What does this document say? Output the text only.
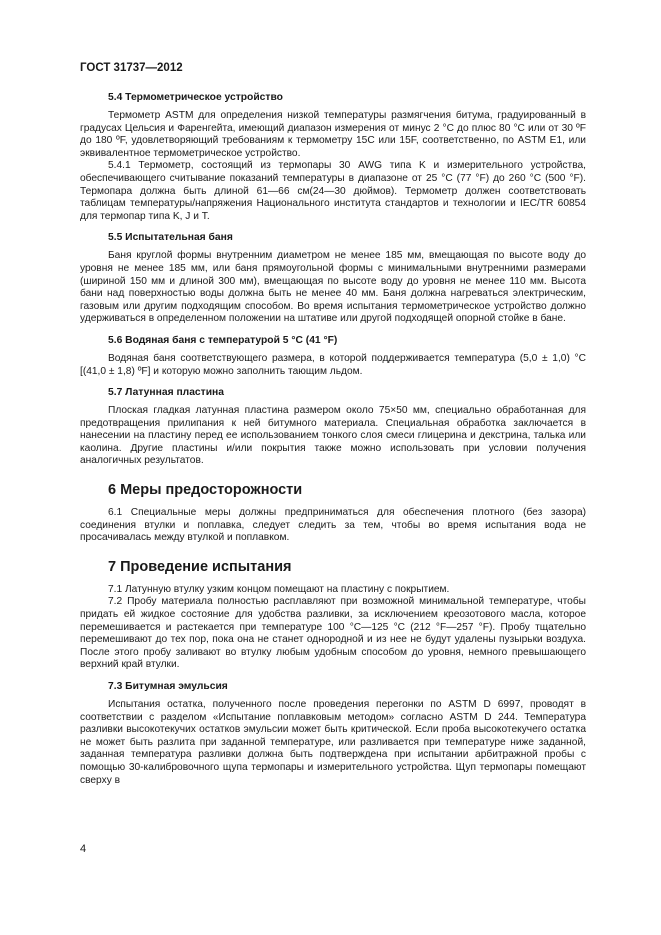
ГОСТ 31737—2012
5.4 Термометрическое устройство

Термометр ASTM для определения низкой температуры размягчения битума, градуированный в градусах Цельсия и Фаренгейта, имеющий диапазон измерения от минус 2 °C до плюс 80 °C или от 30 ºF до 180 ºF, удовлетворяющий требованиям к термометру 15C или 15F, соответственно, по ASTM E1, или эквивалентное термометрическое устройство.

5.4.1 Термометр, состоящий из термопары 30 AWG типа K и измерительного устройства, обеспечивающего считывание показаний температуры в диапазоне от 25 °C (77 °F) до 260 °C (500 °F). Термопара должна быть длиной 61—66 см(24—30 дюймов). Термометр должен соответствовать таблицам температуры/напряжения Национального института стандартов и технологии и IEC/TR 60854 для термопар типа K, J и T.

5.5 Испытательная баня

Баня круглой формы внутренним диаметром не менее 185 мм, вмещающая по высоте воду до уровня не менее 185 мм, или баня прямоугольной формы с минимальными внутренними размерами (шириной 150 мм и длиной 300 мм), вмещающая по высоте воду до уровня не менее 110 мм. Высота бани над поверхностью воды должна быть не менее 40 мм. Баня должна нагреваться электрическим, газовым или другим подходящим способом. Во время испытания термометрическое устройство должно удерживаться в определенном положении на штативе или другой подходящей опорной стойке в бане.

5.6 Водяная баня с температурой 5 °C (41 °F)

Водяная баня соответствующего размера, в которой поддерживается температура (5,0 ± 1,0) °C [(41,0 ± 1,8) ºF] и которую можно заполнить тающим льдом.

5.7 Латунная пластина

Плоская гладкая латунная пластина размером около 75×50 мм, специально обработанная для предотвращения прилипания к ней битумного материала. Специальная обработка заключается в нанесении на пластину перед ее использованием тонкого слоя смеси глицерина и декстрина, талька или каолина. Другие пластины и/или покрытия также можно использовать при условии получения аналогичных результатов.

6 Меры предосторожности

6.1 Специальные меры должны предприниматься для обеспечения плотного (без зазора) соединения втулки и поплавка, следует следить за тем, чтобы во время испытания вода не просачивалась между втулкой и поплавком.

7 Проведение испытания

7.1 Латунную втулку узким концом помещают на пластину с покрытием.

7.2 Пробу материала полностью расплавляют при возможной минимальной температуре, чтобы придать ей жидкое состояние для удобства разливки, за исключением креозотового масла, которое перемешивается и растекается при температуре 100 °C—125 °C (212 °F—257 °F). Пробу тщательно перемешивают до тех пор, пока она не станет однородной и из нее не будут удалены пузырьки воздуха. После этого пробу заливают во втулку любым удобным способом до уровня, немного превышающего верхний край втулки.

7.3 Битумная эмульсия

Испытания остатка, полученного после проведения перегонки по ASTM D 6997, проводят в соответствии с разделом «Испытание поплавковым методом» согласно ASTM D 244. Температура разливки высокотекучих остатков эмульсии может быть критической. Если проба высокотекучего остатка не может быть разлита при заданной температуре, или разливается при температуре ниже заданной, заданная температура разливки должна быть подтверждена при испытании арбитражной пробы с помощью 30-калибровочного щупа термопары и измерительного устройства. Щуп термопары помещают сверху в

4
